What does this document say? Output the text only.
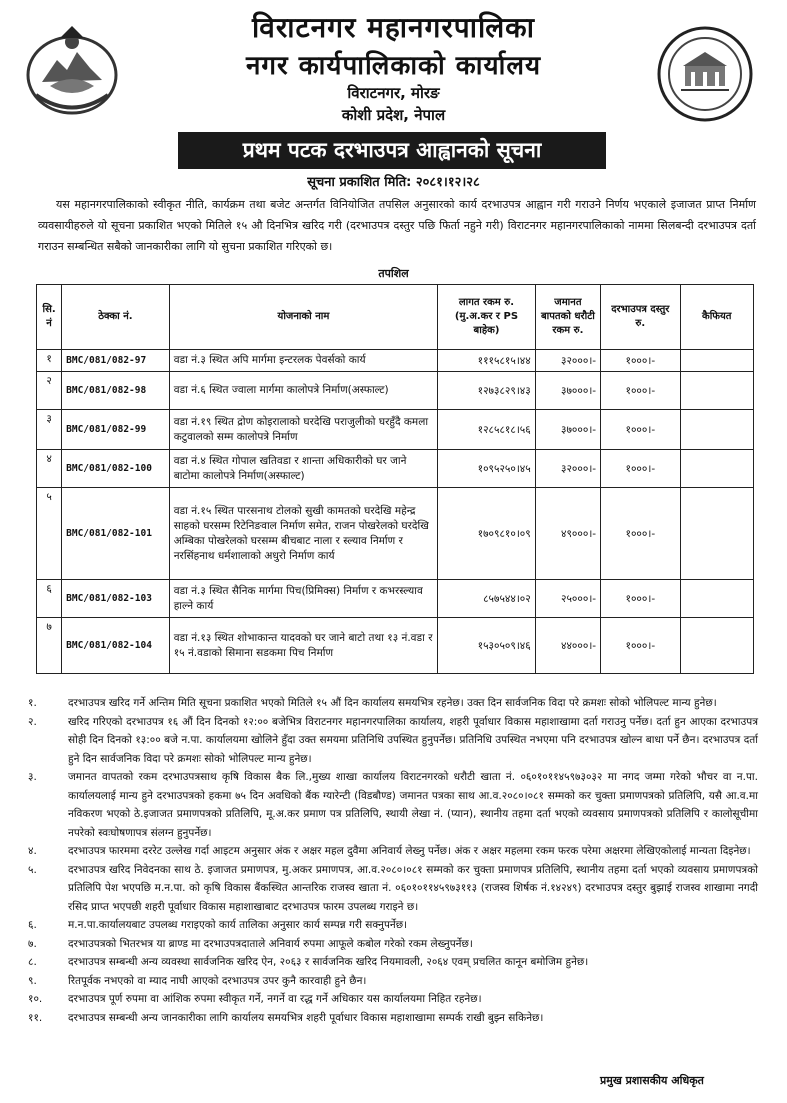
विराटनगर महानगरपालिका
नगर कार्यपालिकाको कार्यालय
विराटनगर, मोरङ
कोशी प्रदेश, नेपाल
प्रथम पटक दरभाउपत्र आह्वानको सूचना
सूचना प्रकाशित मिति: २०८१।१२।२८
यस महानगरपालिकाको स्वीकृत नीति, कार्यक्रम तथा बजेट अन्तर्गत विनियोजित तपसिल अनुसारको कार्य दरभाउपत्र आह्वान गरी गराउने निर्णय भएकाले इजाजत प्राप्त निर्माण व्यवसायीहरुले यो सूचना प्रकाशित भएको मितिले १५ औ दिनभित्र खरिद गरी (दरभाउपत्र दस्तुर पछि फिर्ता नहुने गरी) विराटनगर महानगरपालिकाको नाममा सिलबन्दी दरभाउपत्र दर्ता गराउन सम्बन्धित सबैको जानकारीका लागि यो सुचना प्रकाशित गरिएको छ।
तपशिल
सि. नं	ठेक्का नं.	योजनाको नाम	लागत रकम रु. (मु.अ.कर र PS बाहेक)	जमानत बापतको धरौटी रकम रु.	दरभाउपत्र दस्तुर रु.	कैफियत
१	BMC/081/082-97	वडा नं.३ स्थित अपि मार्गमा इन्टरलक पेवर्सको कार्य	१११५८१५।४४	३२०००।-	१०००।-	
२	BMC/081/082-98	वडा नं.६ स्थित ज्वाला मार्गमा कालोपत्रे निर्माण(अस्फाल्ट)	१२७३८२९।४३	३७०००।-	१०००।-	
३	BMC/081/082-99	वडा नं.१९ स्थित द्रोण कोइरालाको घरदेखि पराजुलीको घरहुँदै कमला कटुवालको सम्म कालोपत्रे निर्माण	१२८५८१८।५६	३७०००।-	१०००।-	
४	BMC/081/082-100	वडा नं.४ स्थित गोपाल खतिवडा र शान्ता अधिकारीको घर जाने बाटोमा कालोपत्रे निर्माण(अस्फाल्ट)	१०९५२५०।४५	३२०००।-	१०००।-	
५	BMC/081/082-101	वडा नं.१५ स्थित पारसनाथ टोलको सुखी कामतको घरदेखि महेन्द्र साहको घरसम्म रिटेनिङवाल निर्माण समेत, राजन पोखरेलको घरदेखि अम्बिका पोखरेलको घरसम्म बीचबाट नाला र स्ल्याव निर्माण र नरसिंहनाथ धर्मशालाको अधुरो निर्माण कार्य	१७०९८१०।०९	४९०००।-	१०००।-	
६	BMC/081/082-103	वडा नं.३ स्थित सैनिक मार्गमा पिच(प्रिमिक्स) निर्माण र कभरस्ल्याव हाल्ने कार्य	८५७५४४।०२	२५०००।-	१०००।-	
७	BMC/081/082-104	वडा नं.१३ स्थित शोभाकान्त यादवको घर जाने बाटो तथा १३ नं.वडा र १५ नं.वडाको सिमाना सडकमा पिच निर्माण	१५३०५०९।४६	४४०००।-	१०००।-	
१.	दरभाउपत्र खरिद गर्ने अन्तिम मिति सूचना प्रकाशित भएको मितिले १५ औं दिन कार्यालय समयभित्र रहनेछ। उक्त दिन सार्वजनिक विदा परे क्रमशः सोको भोलिपल्ट मान्य हुनेछ।
२.	खरिद गरिएको दरभाउपत्र १६ औं दिन दिनको १२:०० बजेभित्र विराटनगर महानगरपालिका कार्यालय, शहरी पूर्वाधार विकास महाशाखामा दर्ता गराउनु पर्नेछ। दर्ता हुन आएका दरभाउपत्र सोही दिन दिनको १३:०० बजे न.पा. कार्यालयमा खोलिने हुँदा उक्त समयमा प्रतिनिधि उपस्थित हुनुपर्नेछ। प्रतिनिधि उपस्थित नभएमा पनि दरभाउपत्र खोल्न बाधा पर्ने छैन। दरभाउपत्र दर्ता हुने दिन सार्वजनिक विदा परे क्रमशः सोको भोलिपल्ट मान्य हुनेछ।
३.	जमानत वापतको रकम दरभाउपत्रसाथ कृषि विकास बैक लि.,मुख्य शाखा कार्यालय विराटनगरको धरौटी खाता नं. ०६०१०११४५९७३०३२ मा नगद जम्मा गरेको भौचर वा न.पा. कार्यालयलाई मान्य हुने दरभाउपत्रको हकमा ७५ दिन अवधिको बैंक ग्यारेन्टी (विडबौण्ड) जमानत पत्रका साथ आ.व.२०८०।०८१ सम्मको कर चुक्ता प्रमाणपत्रको प्रतिलिपि, यसै आ.व.मा नविकरण भएको ठे.इजाजत प्रमाणपत्रको प्रतिलिपि, मू.अ.कर प्रमाण पत्र प्रतिलिपि, स्थायी लेखा नं. (प्यान), स्थानीय तहमा दर्ता भएको व्यवसाय प्रमाणपत्रको प्रतिलिपि र कालोसूचीमा नपरेको स्वःघोषणापत्र संलग्न हुनुपर्नेछ।
४.	दरभाउपत्र फारममा दररेट उल्लेख गर्दा आइटम अनुसार अंक र अक्षर महल दुवैमा अनिवार्य लेख्नु पर्नेछ। अंक र अक्षर महलमा रकम फरक परेमा अक्षरमा लेखिएकोलाई मान्यता दिइनेछ।
५.	दरभाउपत्र खरिद निवेदनका साथ ठे. इजाजत प्रमाणपत्र, मु.अकर प्रमाणपत्र, आ.व.२०८०।०८१ सम्मको कर चुक्ता प्रमाणपत्र प्रतिलिपि, स्थानीय तहमा दर्ता भएको व्यवसाय प्रमाणपत्रको प्रतिलिपि पेश भएपछि म.न.पा. को कृषि विकास बैंकस्थित आन्तरिक राजस्व खाता नं. ०६०१०११४५९७३११३ (राजस्व शिर्षक नं.१४२४९) दरभाउपत्र दस्तुर बुझाई राजस्व शाखामा नगदी रसिद प्राप्त भएपछी शहरी पूर्वाधार विकास महाशाखाबाट दरभाउपत्र फारम उपलब्ध गराइने छ।
६.	म.न.पा.कार्यालयबाट उपलब्ध गराइएको कार्य तालिका अनुसार कार्य सम्पन्न गरी सक्नुपर्नेछ।
७.	दरभाउपत्रको भितरभत्र या ब्राण्ड मा दरभाउपत्रदाताले अनिवार्य रुपमा आफूले कबोल गरेको रकम लेख्नुपर्नेछ।
८.	दरभाउपत्र सम्बन्धी अन्य व्यवस्था सार्वजनिक खरिद ऐन, २०६३ र सार्वजनिक खरिद नियमावली, २०६४ एवम् प्रचलित कानून बमोजिम हुनेछ।
९.	रितपूर्वक नभएको वा म्याद नाघी आएको दरभाउपत्र उपर कुनै कारवाही हुने छैन।
१०.	दरभाउपत्र पूर्ण रुपमा वा आंशिक रुपमा स्वीकृत गर्ने, नगर्ने वा रद्ध गर्ने अधिकार यस कार्यालयमा निहित रहनेछ।
११.	दरभाउपत्र सम्बन्धी अन्य जानकारीका लागि कार्यालय समयभित्र शहरी पूर्वाधार विकास महाशाखामा सम्पर्क राखी बुझ्न सकिनेछ।
प्रमुख प्रशासकीय अधिकृत
